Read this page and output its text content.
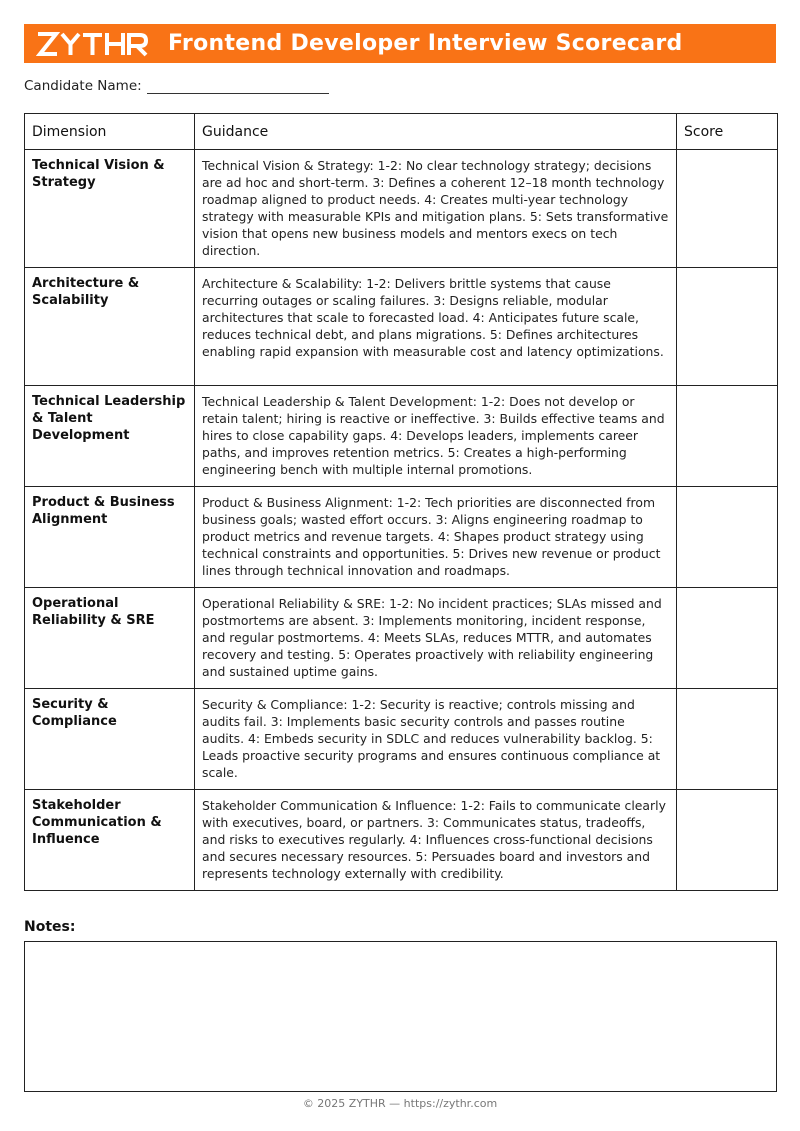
Frontend Developer Interview Scorecard
Candidate Name:
Dimension	Guidance	Score
Technical Vision & Strategy	Technical Vision & Strategy: 1-2: No clear technology strategy; decisions are ad hoc and short-term. 3: Defines a coherent 12–18 month technology roadmap aligned to product needs. 4: Creates multi-year technology strategy with measurable KPIs and mitigation plans. 5: Sets transformative vision that opens new business models and mentors execs on tech direction.	
Architecture & Scalability	Architecture & Scalability: 1-2: Delivers brittle systems that cause recurring outages or scaling failures. 3: Designs reliable, modular architectures that scale to forecasted load. 4: Anticipates future scale, reduces technical debt, and plans migrations. 5: Defines architectures enabling rapid expansion with measurable cost and latency optimizations.	
Technical Leadership & Talent Development	Technical Leadership & Talent Development: 1-2: Does not develop or retain talent; hiring is reactive or ineffective. 3: Builds effective teams and hires to close capability gaps. 4: Develops leaders, implements career paths, and improves retention metrics. 5: Creates a high-performing engineering bench with multiple internal promotions.	
Product & Business Alignment	Product & Business Alignment: 1-2: Tech priorities are disconnected from business goals; wasted effort occurs. 3: Aligns engineering roadmap to product metrics and revenue targets. 4: Shapes product strategy using technical constraints and opportunities. 5: Drives new revenue or product lines through technical innovation and roadmaps.	
Operational Reliability & SRE	Operational Reliability & SRE: 1-2: No incident practices; SLAs missed and postmortems are absent. 3: Implements monitoring, incident response, and regular postmortems. 4: Meets SLAs, reduces MTTR, and automates recovery and testing. 5: Operates proactively with reliability engineering and sustained uptime gains.	
Security & Compliance	Security & Compliance: 1-2: Security is reactive; controls missing and audits fail. 3: Implements basic security controls and passes routine audits. 4: Embeds security in SDLC and reduces vulnerability backlog. 5: Leads proactive security programs and ensures continuous compliance at scale.	
Stakeholder Communication & Influence	Stakeholder Communication & Influence: 1-2: Fails to communicate clearly with executives, board, or partners. 3: Communicates status, tradeoffs, and risks to executives regularly. 4: Influences cross-functional decisions and secures necessary resources. 5: Persuades board and investors and represents technology externally with credibility.	
Notes:
© 2025 ZYTHR — https://zythr.com
